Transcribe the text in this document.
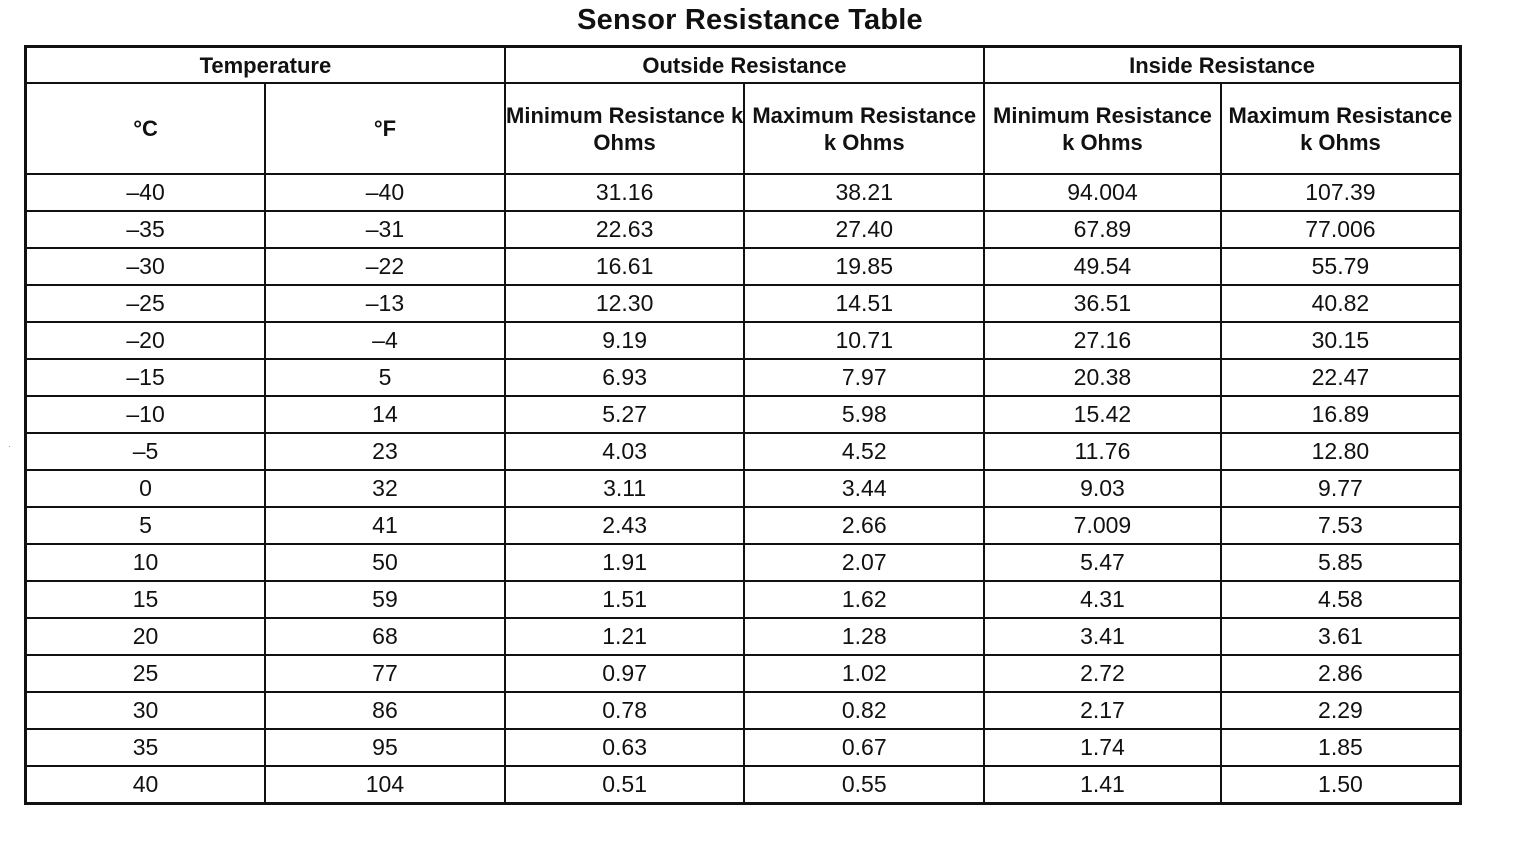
Sensor Resistance Table
Temperature		Outside Resistance		Inside Resistance	
°C	°F	Minimum Resistance k Ohms	Maximum Resistance k Ohms	Minimum Resistance k Ohms	Maximum Resistance k Ohms
–40	–40	31.16	38.21	94.004	107.39
–35	–31	22.63	27.40	67.89	77.006
–30	–22	16.61	19.85	49.54	55.79
–25	–13	12.30	14.51	36.51	40.82
–20	–4	9.19	10.71	27.16	30.15
–15	5	6.93	7.97	20.38	22.47
–10	14	5.27	5.98	15.42	16.89
–5	23	4.03	4.52	11.76	12.80
0	32	3.11	3.44	9.03	9.77
5	41	2.43	2.66	7.009	7.53
10	50	1.91	2.07	5.47	5.85
15	59	1.51	1.62	4.31	4.58
20	68	1.21	1.28	3.41	3.61
25	77	0.97	1.02	2.72	2.86
30	86	0.78	0.82	2.17	2.29
35	95	0.63	0.67	1.74	1.85
40	104	0.51	0.55	1.41	1.50
